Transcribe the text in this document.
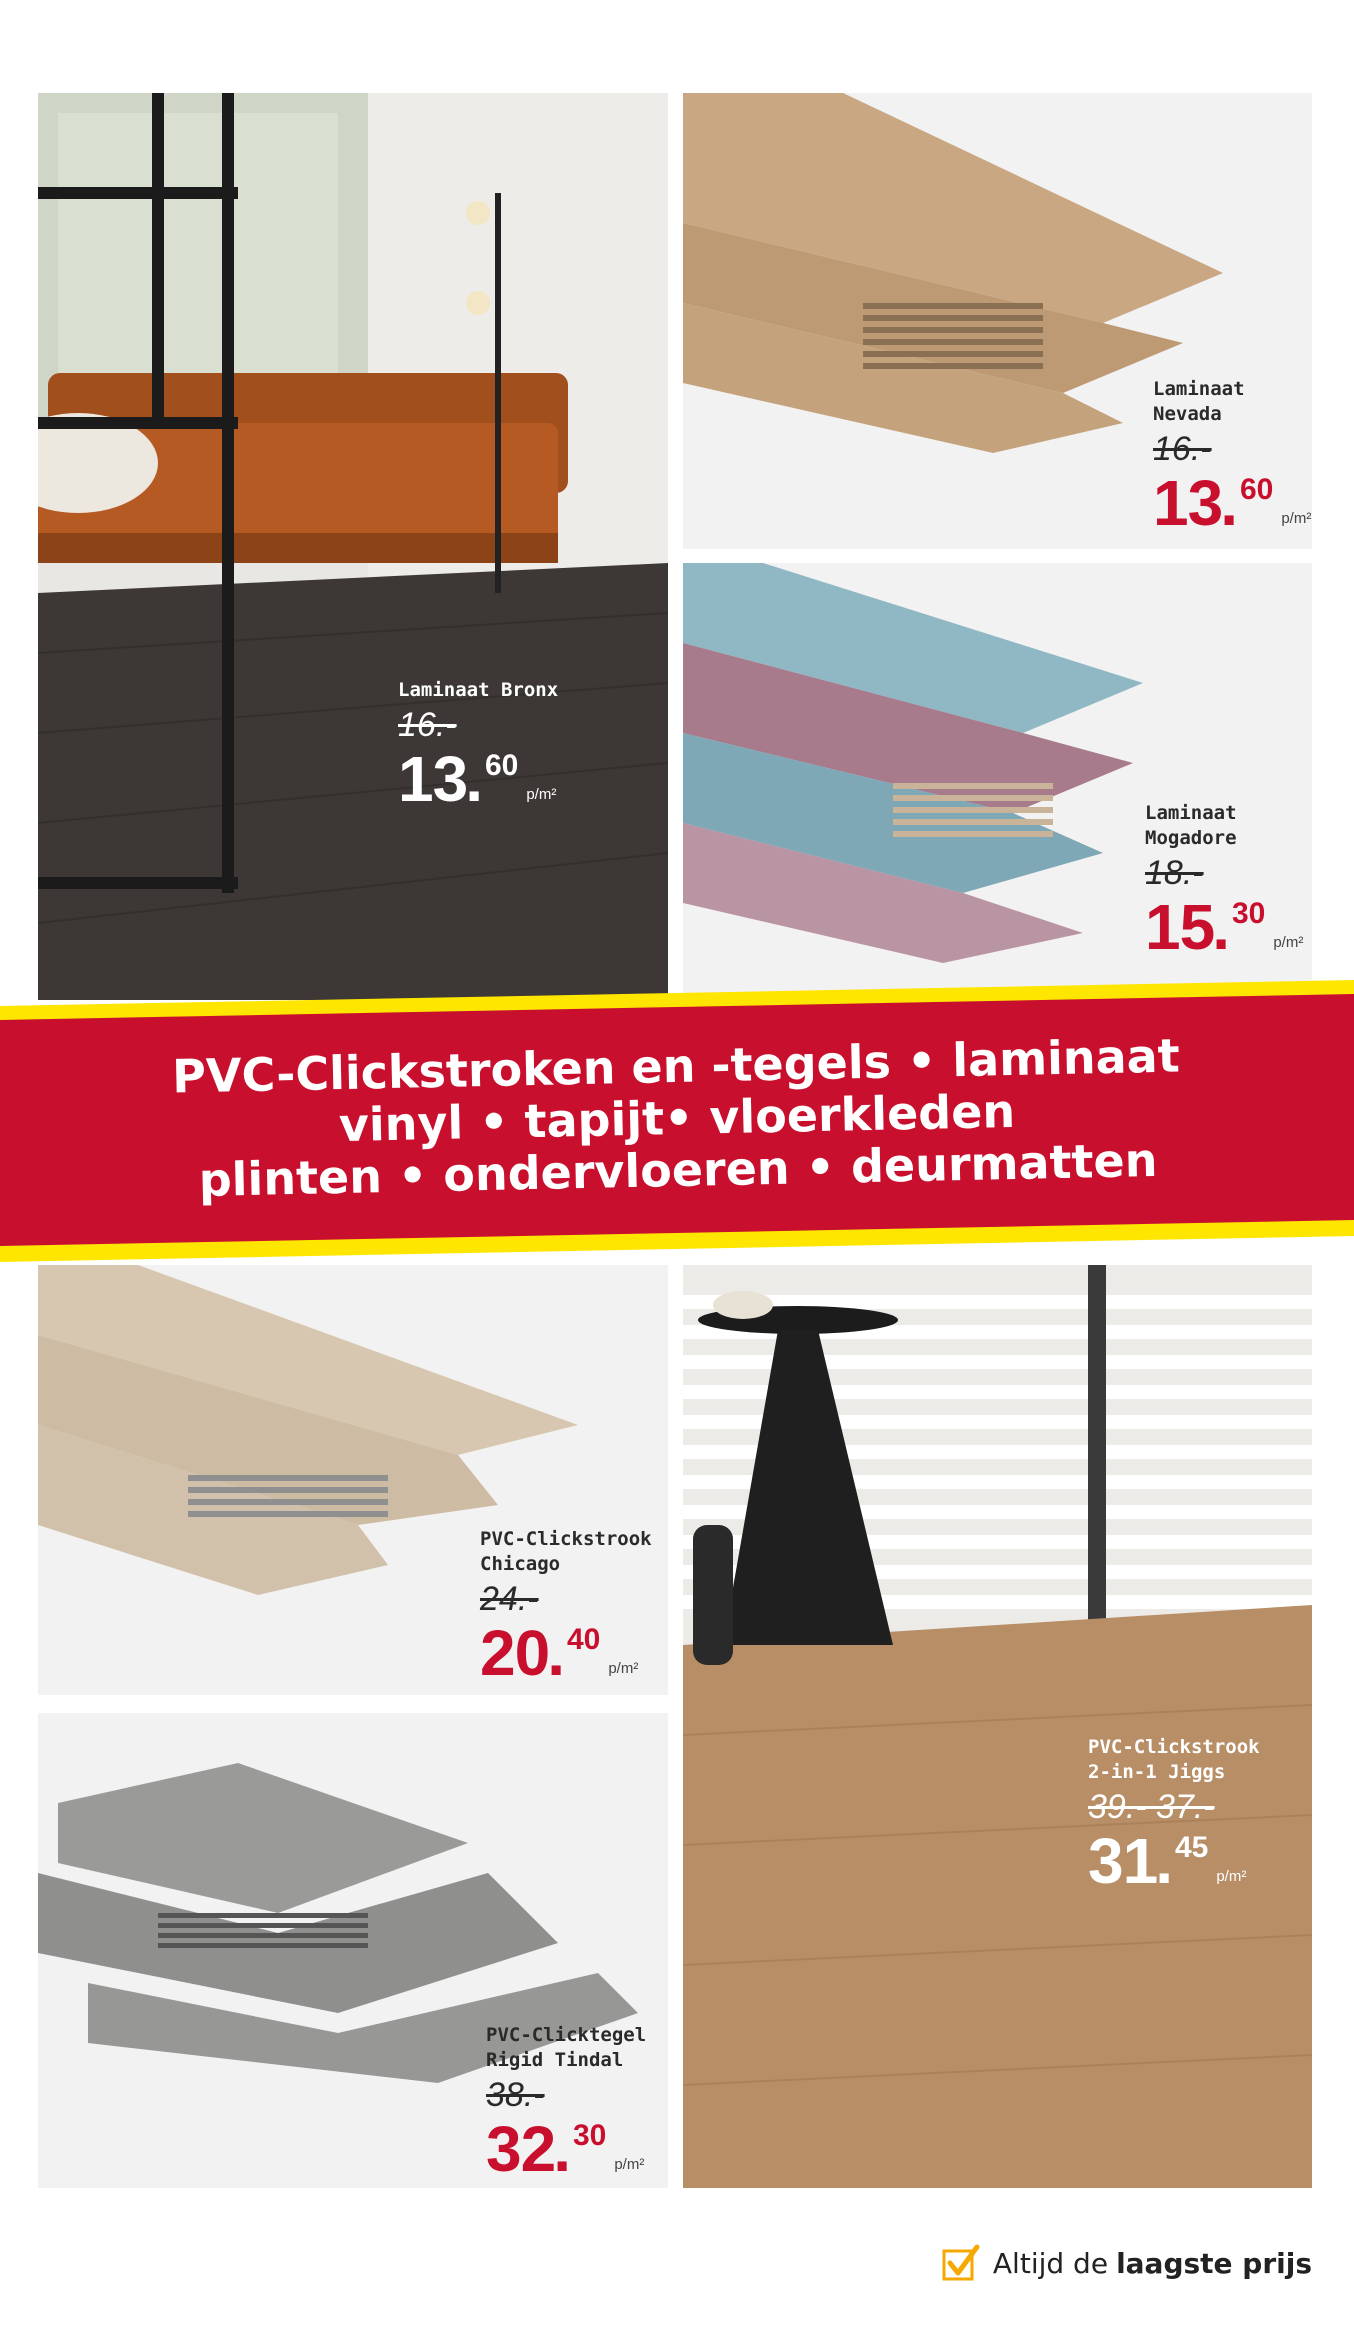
Laminaat Bronx
16.-
13
. 60
p/m²
Laminaat
Nevada
16.-
13
. 60
p/m²
Laminaat
Mogadore
18.-
15
. 30
p/m²
PVC-Clickstrook
Chicago
24.-
20
. 40
p/m²
PVC-Clicktegel
Rigid Tindal
38.-
32
. 30
p/m²
PVC-Clickstrook
2-in-1 Jiggs
39.- 37.-
31
. 45
p/m²
PVC-Clickstroken en -tegels • laminaat
vinyl • tapijt• vloerkleden
plinten • ondervloeren • deurmatten
Altijd de laagste prijs
